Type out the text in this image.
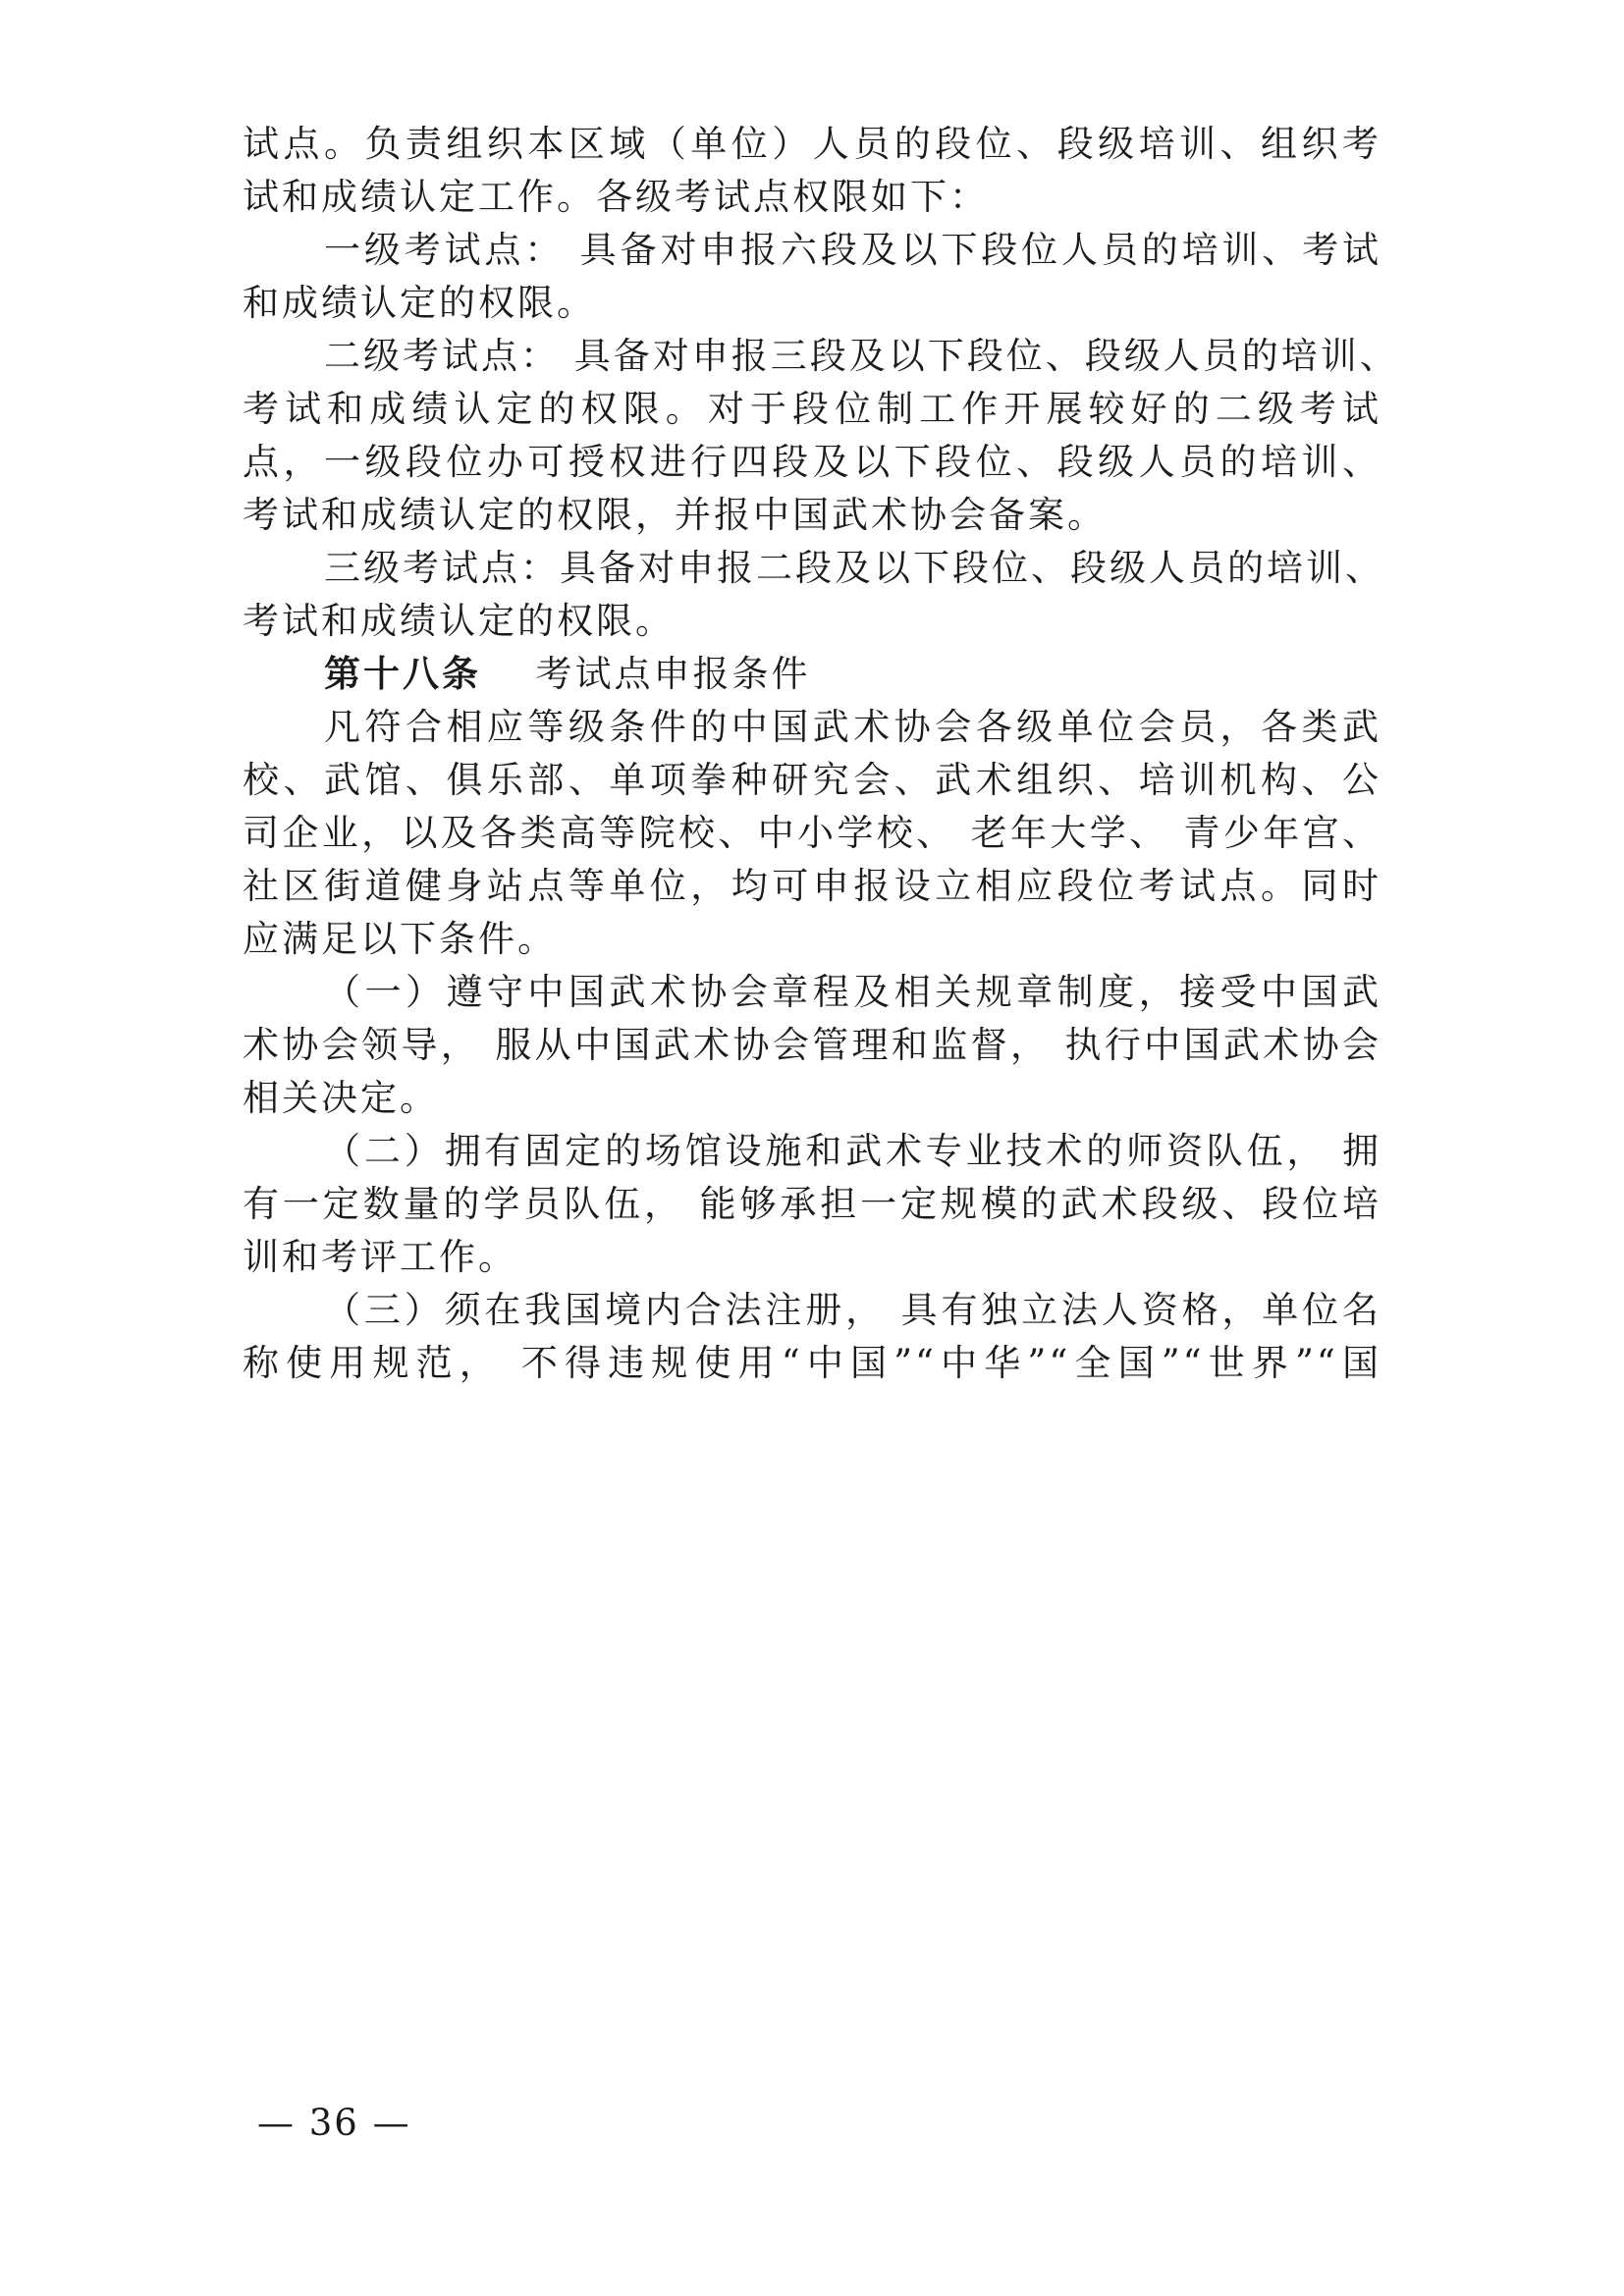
试点。负责组织本区域（单位）人员的段位、段级培训、组织考
试和成绩认定工作。各级考试点权限如下：
一级考试点： 具备对申报六段及以下段位人员的培训、考试
和成绩认定的权限。
二级考试点： 具备对申报三段及以下段位、段级人员的培训、
考试和成绩认定的权限。对于段位制工作开展较好的二级考试
点，一级段位办可授权进行四段及以下段位、段级人员的培训、
考试和成绩认定的权限，并报中国武术协会备案。
三级考试点：具备对申报二段及以下段位、段级人员的培训、
考试和成绩认定的权限。
第十八条 考试点申报条件
凡符合相应等级条件的中国武术协会各级单位会员，各类武
校、武馆、俱乐部、单项拳种研究会、武术组织、培训机构、公
司企业，以及各类高等院校、中小学校、 老年大学、 青少年宫、
社区街道健身站点等单位，均可申报设立相应段位考试点。同时
应满足以下条件。
（一）遵守中国武术协会章程及相关规章制度，接受中国武
术协会领导， 服从中国武术协会管理和监督， 执行中国武术协会
相关决定。
（二）拥有固定的场馆设施和武术专业技术的师资队伍， 拥
有一定数量的学员队伍， 能够承担一定规模的武术段级、段位培
训和考评工作。
（三）须在我国境内合法注册， 具有独立法人资格，单位名
称使用规范， 不得违规使用“中国”“中华”“全国”“世界”“国
— 36 —
